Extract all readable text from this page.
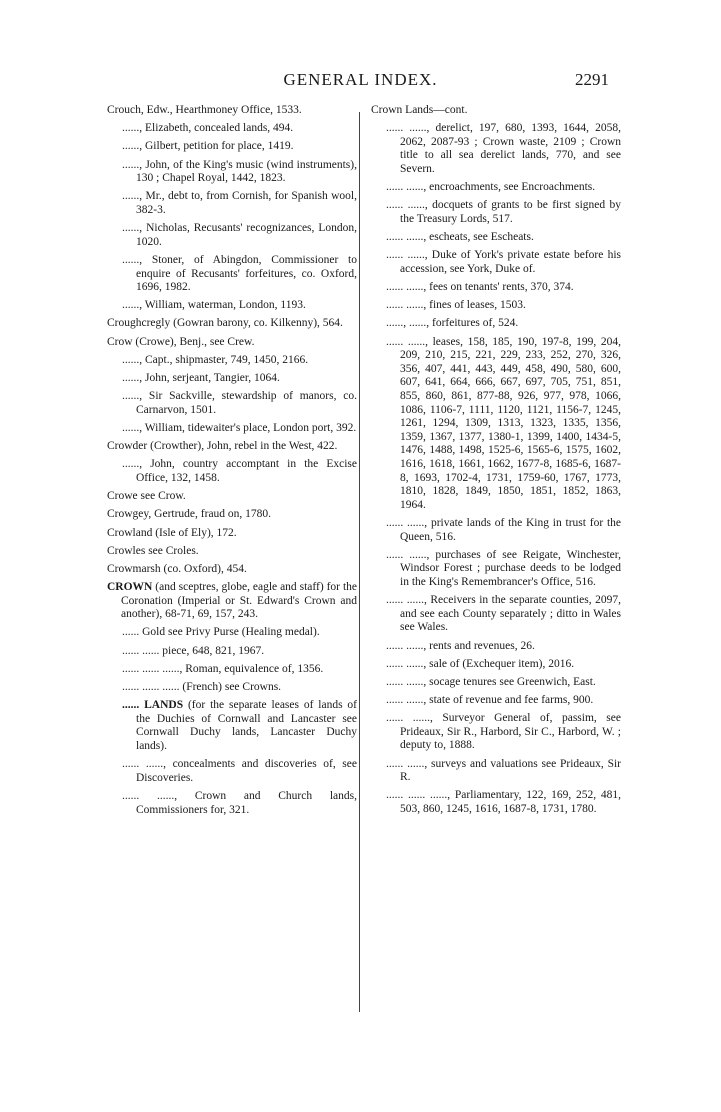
GENERAL INDEX.	2291
Crouch, Edw., Hearthmoney Office, 1533.
......, Elizabeth, concealed lands, 494.
......, Gilbert, petition for place, 1419.
......, John, of the King's music (wind instruments), 130 ; Chapel Royal, 1442, 1823.
......, Mr., debt to, from Cornish, for Spanish wool, 382-3.
......, Nicholas, Recusants' recognizances, London, 1020.
......, Stoner, of Abingdon, Commissioner to enquire of Recusants' forfeitures, co. Oxford, 1696, 1982.
......, William, waterman, London, 1193.
Croughcregly (Gowran barony, co. Kilkenny), 564.
Crow (Crowe), Benj., see Crew.
......, Capt., shipmaster, 749, 1450, 2166.
......, John, serjeant, Tangier, 1064.
......, Sir Sackville, stewardship of manors, co. Carnarvon, 1501.
......, William, tidewaiter's place, London port, 392.
Crowder (Crowther), John, rebel in the West, 422.
......, John, country accomptant in the Excise Office, 132, 1458.
Crowe see Crow.
Crowgey, Gertrude, fraud on, 1780.
Crowland (Isle of Ely), 172.
Crowles see Croles.
Crowmarsh (co. Oxford), 454.
CROWN (and sceptres, globe, eagle and staff) for the Coronation (Imperial or St. Edward's Crown and another), 68-71, 69, 157, 243.
...... Gold see Privy Purse (Healing medal).
...... ...... piece, 648, 821, 1967.
...... ...... ......, Roman, equivalence of, 1356.
...... ...... ...... (French) see Crowns.
...... LANDS (for the separate leases of lands of the Duchies of Cornwall and Lancaster see Cornwall Duchy lands, Lancaster Duchy lands).
...... ......, concealments and discoveries of, see Discoveries.
...... ......, Crown and Church lands, Commissioners for, 321.
Crown Lands—cont.
...... ......, derelict, 197, 680, 1393, 1644, 2058, 2062, 2087-93 ; Crown waste, 2109 ; Crown title to all sea derelict lands, 770, and see Severn.
...... ......, encroachments, see Encroachments.
...... ......, docquets of grants to be first signed by the Treasury Lords, 517.
...... ......, escheats, see Escheats.
...... ......, Duke of York's private estate before his accession, see York, Duke of.
...... ......, fees on tenants' rents, 370, 374.
...... ......, fines of leases, 1503.
......, ......, forfeitures of, 524.
...... ......, leases, 158, 185, 190, 197-8, 199, 204, 209, 210, 215, 221, 229, 233, 252, 270, 326, 356, 407, 441, 443, 449, 458, 490, 580, 600, 607, 641, 664, 666, 667, 697, 705, 751, 851, 855, 860, 861, 877-88, 926, 977, 978, 1066, 1086, 1106-7, 1111, 1120, 1121, 1156-7, 1245, 1261, 1294, 1309, 1313, 1323, 1335, 1356, 1359, 1367, 1377, 1380-1, 1399, 1400, 1434-5, 1476, 1488, 1498, 1525-6, 1565-6, 1575, 1602, 1616, 1618, 1661, 1662, 1677-8, 1685-6, 1687-8, 1693, 1702-4, 1731, 1759-60, 1767, 1773, 1810, 1828, 1849, 1850, 1851, 1852, 1863, 1964.
...... ......, private lands of the King in trust for the Queen, 516.
...... ......, purchases of see Reigate, Winchester, Windsor Forest ; purchase deeds to be lodged in the King's Remembrancer's Office, 516.
...... ......, Receivers in the separate counties, 2097, and see each County separately ; ditto in Wales see Wales.
...... ......, rents and revenues, 26.
...... ......, sale of (Exchequer item), 2016.
...... ......, socage tenures see Greenwich, East.
...... ......, state of revenue and fee farms, 900.
...... ......, Surveyor General of, passim, see Prideaux, Sir R., Harbord, Sir C., Harbord, W. ; deputy to, 1888.
...... ......, surveys and valuations see Prideaux, Sir R.
...... ...... ......, Parliamentary, 122, 169, 252, 481, 503, 860, 1245, 1616, 1687-8, 1731, 1780.
